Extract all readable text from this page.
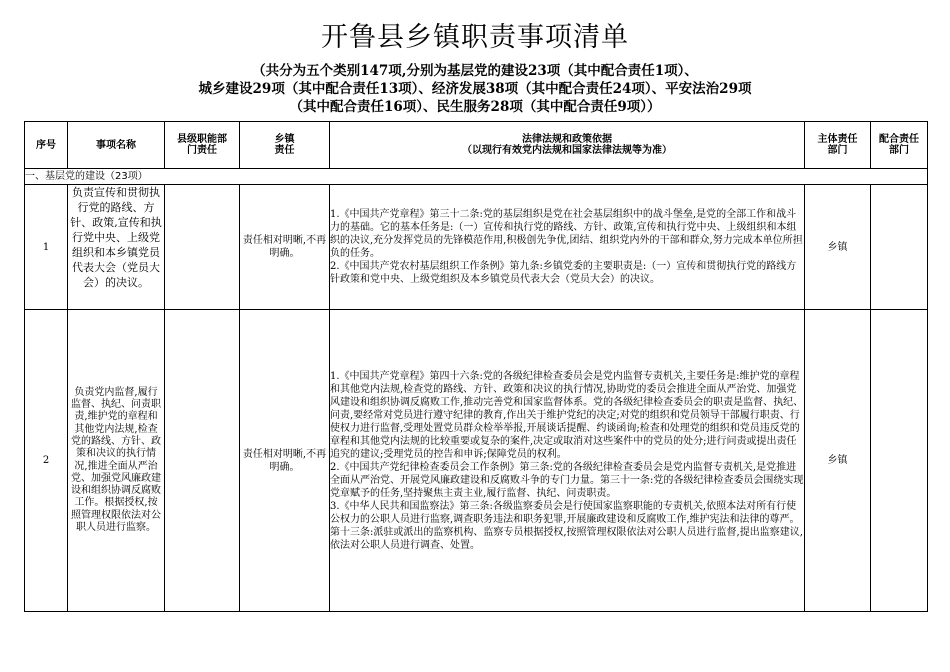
开鲁县乡镇职责事项清单
（共分为五个类别147项,分别为基层党的建设23项（其中配合责任1项）、
城乡建设29项（其中配合责任13项）、经济发展38项（其中配合责任24项）、平安法治29项
（其中配合责任16项）、民生服务28项（其中配合责任9项））
序号	事项名称	县级职能部门责任	乡镇责任	法律法规和政策依据
（以现行有效党内法规和国家法律法规等为准）	主体责任部门	配合责任部门
一、基层党的建设（23项）						
1	负责宣传和贯彻执行党的路线、方针、政策,宣传和执行党中央、上级党组织和本乡镇党员代表大会（党员大会）的决议。		责任相对明晰,不再明确。	1.《中国共产党章程》第三十二条:党的基层组织是党在社会基层组织中的战斗堡垒,是党的全部工作和战斗力的基础。它的基本任务是:（一）宣传和执行党的路线、方针、政策,宣传和执行党中央、上级组织和本组织的决议,充分发挥党员的先锋模范作用,积极创先争优,团结、组织党内外的干部和群众,努力完成本单位所担负的任务。
2.《中国共产党农村基层组织工作条例》第九条:乡镇党委的主要职责是:（一）宣传和贯彻执行党的路线方针政策和党中央、上级党组织及本乡镇党员代表大会（党员大会）的决议。	乡镇	
2	负责党内监督,履行监督、执纪、问责职责,维护党的章程和其他党内法规,检查党的路线、方针、政策和决议的执行情况,推进全面从严治党、加强党风廉政建设和组织协调反腐败工作。根据授权,按照管理权限依法对公职人员进行监察。		责任相对明晰,不再明确。	1.《中国共产党章程》第四十六条:党的各级纪律检查委员会是党内监督专责机关,主要任务是:维护党的章程和其他党内法规,检查党的路线、方针、政策和决议的执行情况,协助党的委员会推进全面从严治党、加强党风建设和组织协调反腐败工作,推动完善党和国家监督体系。党的各级纪律检查委员会的职责是监督、执纪、问责,要经常对党员进行遵守纪律的教育,作出关于维护党纪的决定;对党的组织和党员领导干部履行职责、行使权力进行监督,受理处置党员群众检举举报,开展谈话提醒、约谈函询;检查和处理党的组织和党员违反党的章程和其他党内法规的比较重要或复杂的案件,决定或取消对这些案件中的党员的处分;进行问责或提出责任追究的建议;受理党员的控告和申诉;保障党员的权利。
2.《中国共产党纪律检查委员会工作条例》第三条:党的各级纪律检查委员会是党内监督专责机关,是党推进全面从严治党、开展党风廉政建设和反腐败斗争的专门力量。第三十一条:党的各级纪律检查委员会围绕实现党章赋予的任务,坚持聚焦主责主业,履行监督、执纪、问责职责。
3.《中华人民共和国监察法》第三条:各级监察委员会是行使国家监察职能的专责机关,依照本法对所有行使公权力的公职人员进行监察,调查职务违法和职务犯罪,开展廉政建设和反腐败工作,维护宪法和法律的尊严。第十三条:派驻或派出的监察机构、监察专员根据授权,按照管理权限依法对公职人员进行监督,提出监察建议,依法对公职人员进行调查、处置。	乡镇	
